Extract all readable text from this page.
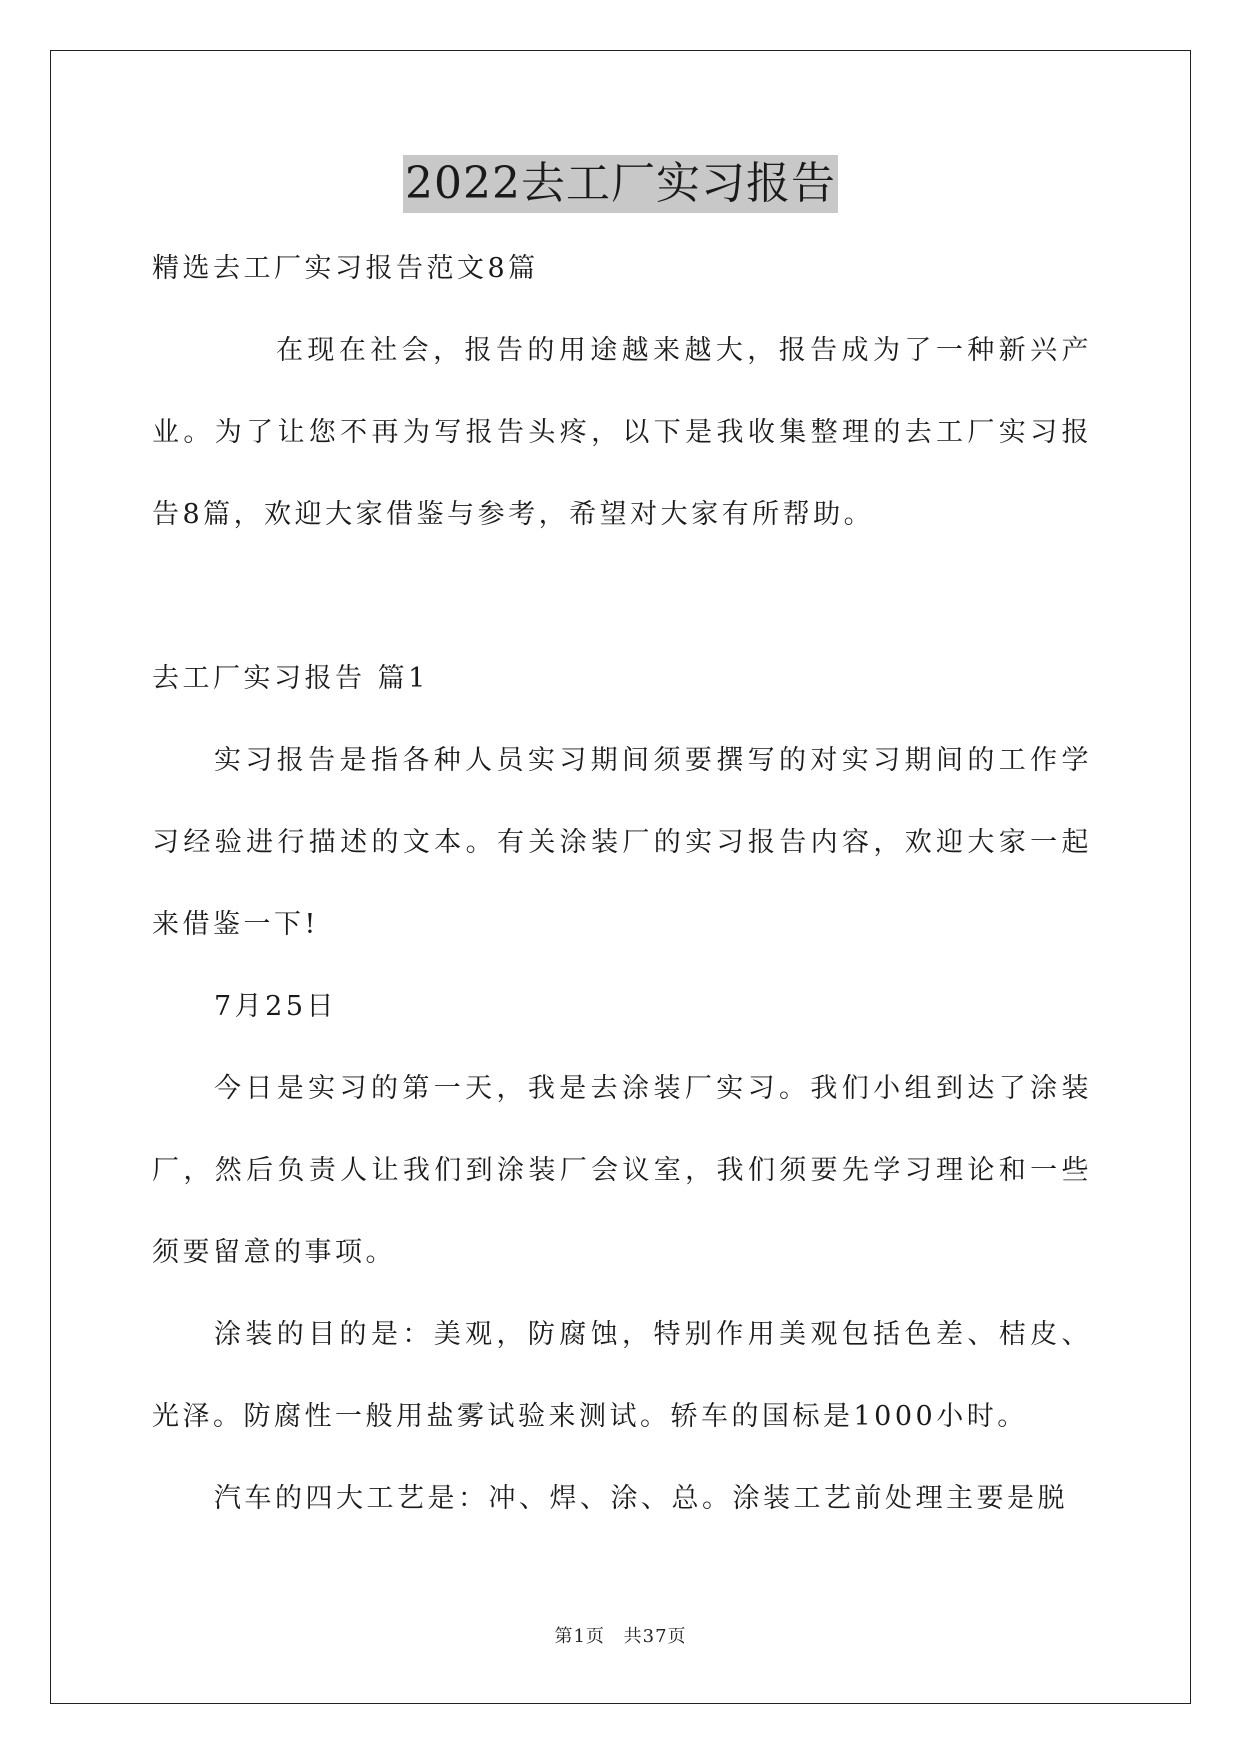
2022去工厂实习报告
精选去工厂实习报告范文8篇
在现在社会，报告的用途越来越大，报告成为了一种新兴产业。为了让您不再为写报告头疼，以下是我收集整理的去工厂实习报告8篇，欢迎大家借鉴与参考，希望对大家有所帮助。
去工厂实习报告 篇1
实习报告是指各种人员实习期间须要撰写的对实习期间的工作学习经验进行描述的文本。有关涂装厂的实习报告内容，欢迎大家一起来借鉴一下!
7月25日
今日是实习的第一天，我是去涂装厂实习。我们小组到达了涂装厂，然后负责人让我们到涂装厂会议室，我们须要先学习理论和一些须要留意的事项。
涂装的目的是：美观，防腐蚀，特别作用美观包括色差、桔皮、光泽。防腐性一般用盐雾试验来测试。轿车的国标是1000小时。
汽车的四大工艺是：冲、焊、涂、总。涂装工艺前处理主要是脱
第1页 共37页
